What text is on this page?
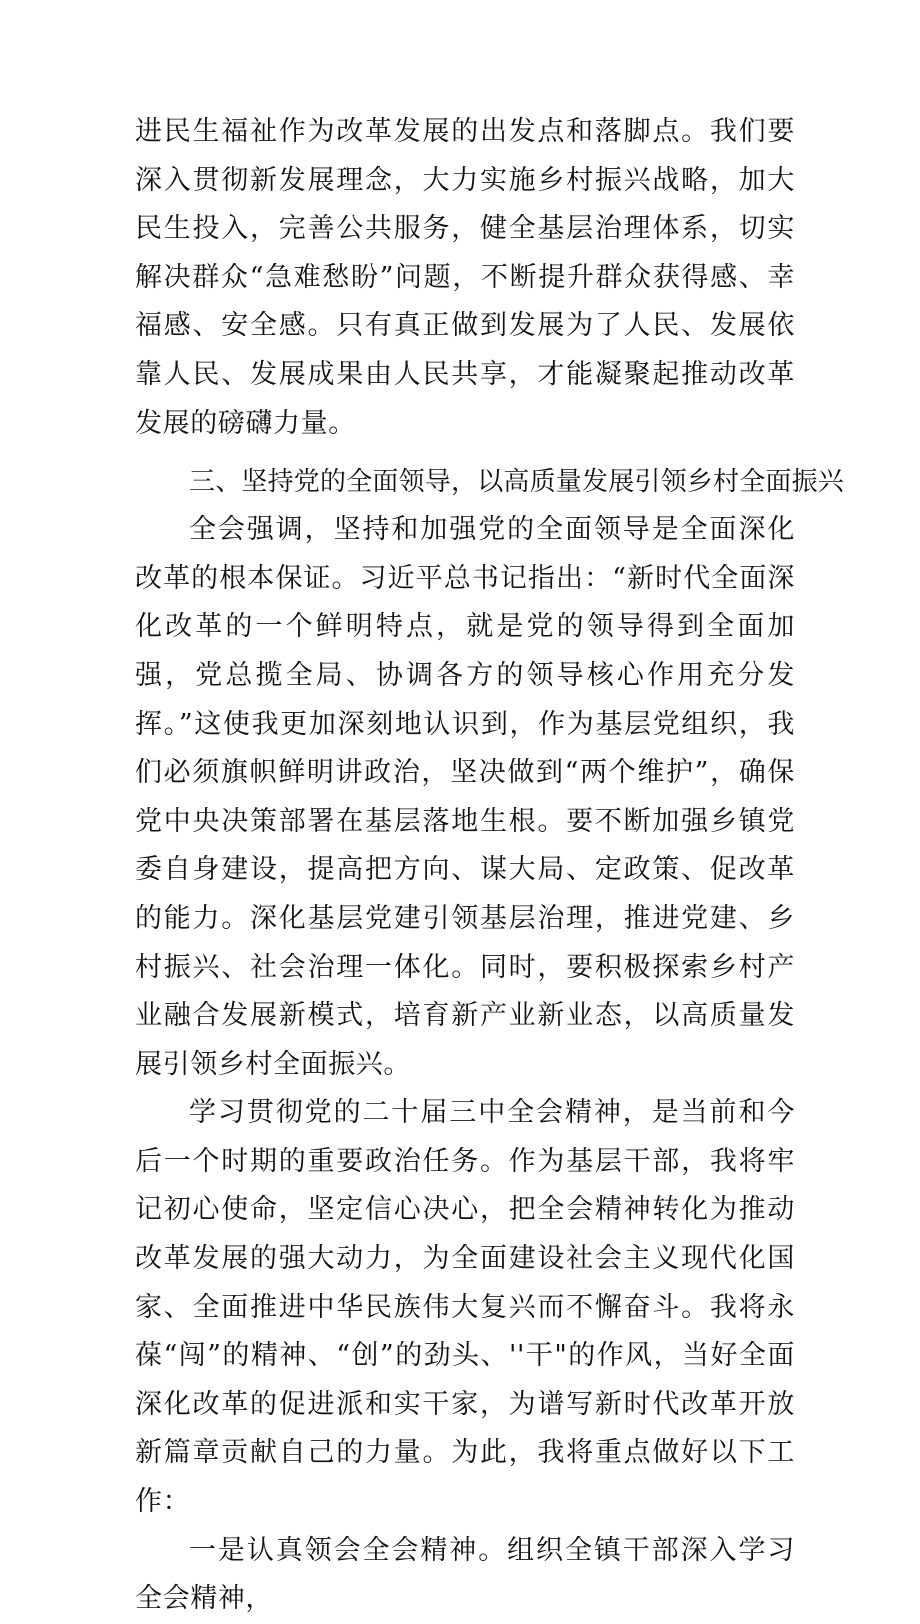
进民生福祉作为改革发展的出发点和落脚点。我们要深入贯彻新发展理念，大力实施乡村振兴战略，加大民生投入，完善公共服务，健全基层治理体系，切实解决群众“急难愁盼”问题，不断提升群众获得感、幸福感、安全感。只有真正做到发展为了人民、发展依靠人民、发展成果由人民共享，才能凝聚起推动改革发展的磅礴力量。

三、坚持党的全面领导，以高质量发展引领乡村全面振兴

全会强调，坚持和加强党的全面领导是全面深化改革的根本保证。习近平总书记指出：“新时代全面深化改革的一个鲜明特点，就是党的领导得到全面加强，党总揽全局、协调各方的领导核心作用充分发挥。”这使我更加深刻地认识到，作为基层党组织，我们必须旗帜鲜明讲政治，坚决做到“两个维护”，确保党中央决策部署在基层落地生根。要不断加强乡镇党委自身建设，提高把方向、谋大局、定政策、促改革的能力。深化基层党建引领基层治理，推进党建、乡村振兴、社会治理一体化。同时，要积极探索乡村产业融合发展新模式，培育新产业新业态，以高质量发展引领乡村全面振兴。

学习贯彻党的二十届三中全会精神，是当前和今后一个时期的重要政治任务。作为基层干部，我将牢记初心使命，坚定信心决心，把全会精神转化为推动改革发展的强大动力，为全面建设社会主义现代化国家、全面推进中华民族伟大复兴而不懈奋斗。我将永葆“闯”的精神、“创”的劲头、''干"的作风，当好全面深化改革的促进派和实干家，为谱写新时代改革开放新篇章贡献自己的力量。为此，我将重点做好以下工作：

一是认真领会全会精神。组织全镇干部深入学习全会精神，
